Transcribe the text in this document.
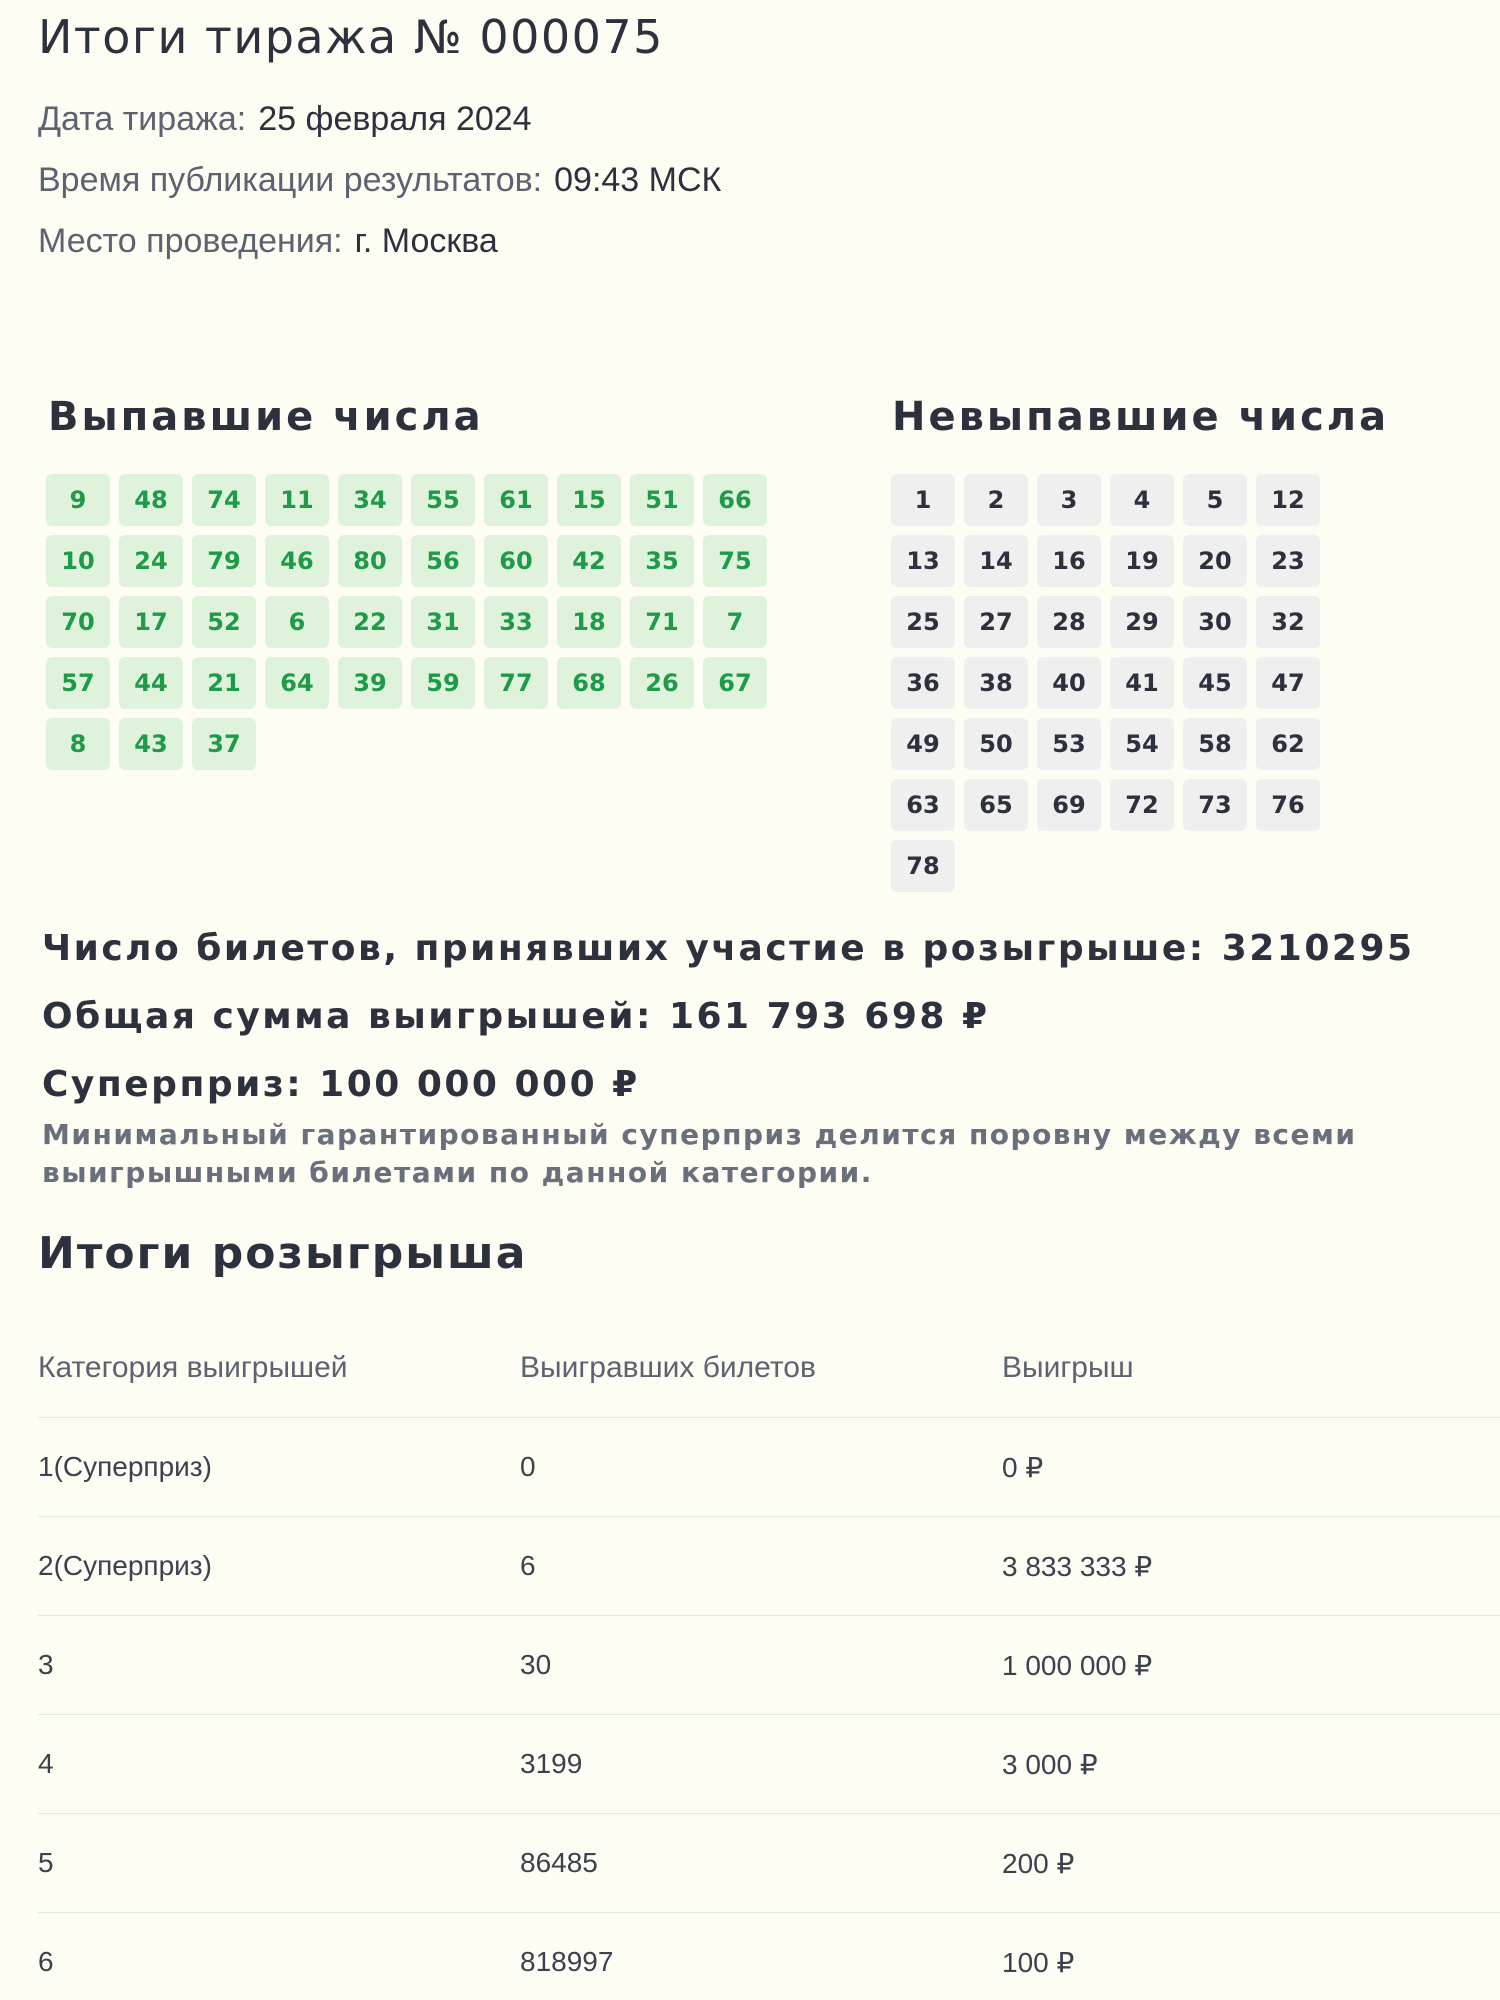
Итоги тиража № 000075
Дата тиража: 25 февраля 2024
Время публикации результатов: 09:43 МСК
Место проведения: г. Москва
Выпавшие числа	Невыпавшие числа
9	48	74	11	34	55	61	15	51	66
10	24	79	46	80	56	60	42	35	75
70	17	52	6	22	31	33	18	71	7
57	44	21	64	39	59	77	68	26	67
8	43	37
1	2	3	4	5	12
13	14	16	19	20	23
25	27	28	29	30	32
36	38	40	41	45	47
49	50	53	54	58	62
63	65	69	72	73	76
78
Число билетов, принявших участие в розыгрыше: 3210295
Общая сумма выигрышей: 161 793 698 ₽
Суперприз: 100 000 000 ₽

Минимальный гарантированный суперприз делится поровну между всеми выигрышными билетами по данной категории.

Итоги розыгрыша
Категория выигрышей	Выигравших билетов	Выигрыш
1(Суперприз)	0	0 ₽
2(Суперприз)	6	3 833 333 ₽
3	30	1 000 000 ₽
4	3199	3 000 ₽
5	86485	200 ₽
6	818997	100 ₽
